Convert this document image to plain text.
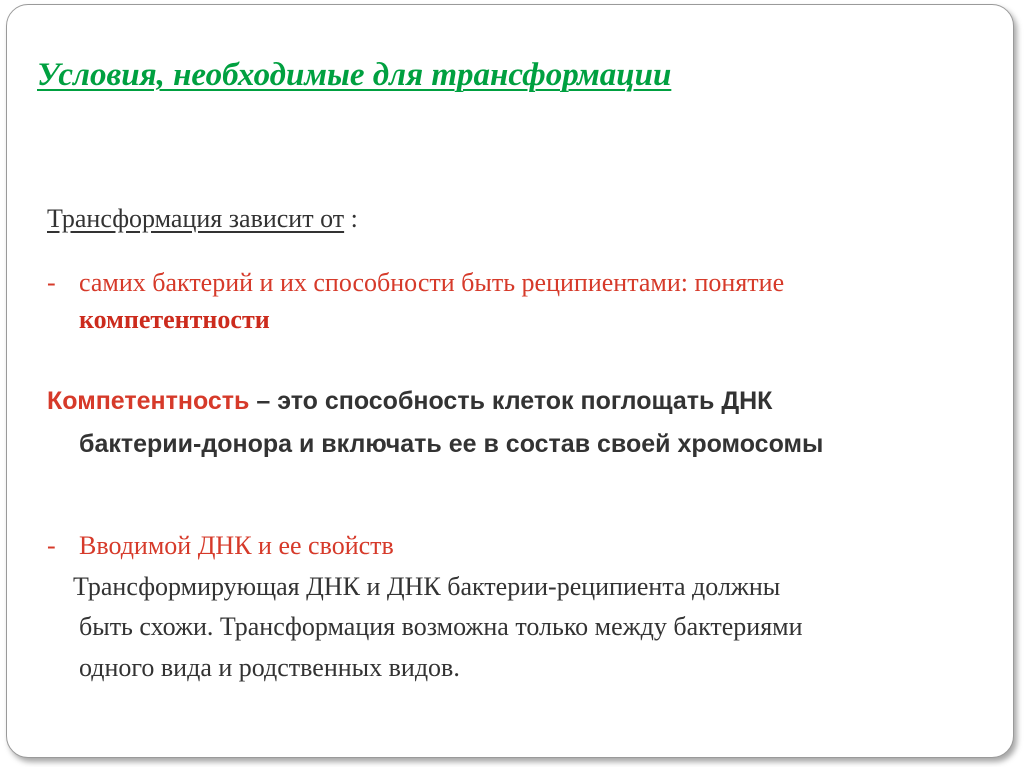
Условия, необходимые для трансформации

Трансформация зависит от :

- самих бактерий и их способности быть реципиентами: понятие

компетентности

Компетентность – это способность клеток поглощать ДНК

бактерии-донора и включать ее в состав своей хромосомы

- Вводимой ДНК и ее свойств

Трансформирующая ДНК и ДНК бактерии-реципиента должны

быть схожи. Трансформация возможна только между бактериями

одного вида и родственных видов.
